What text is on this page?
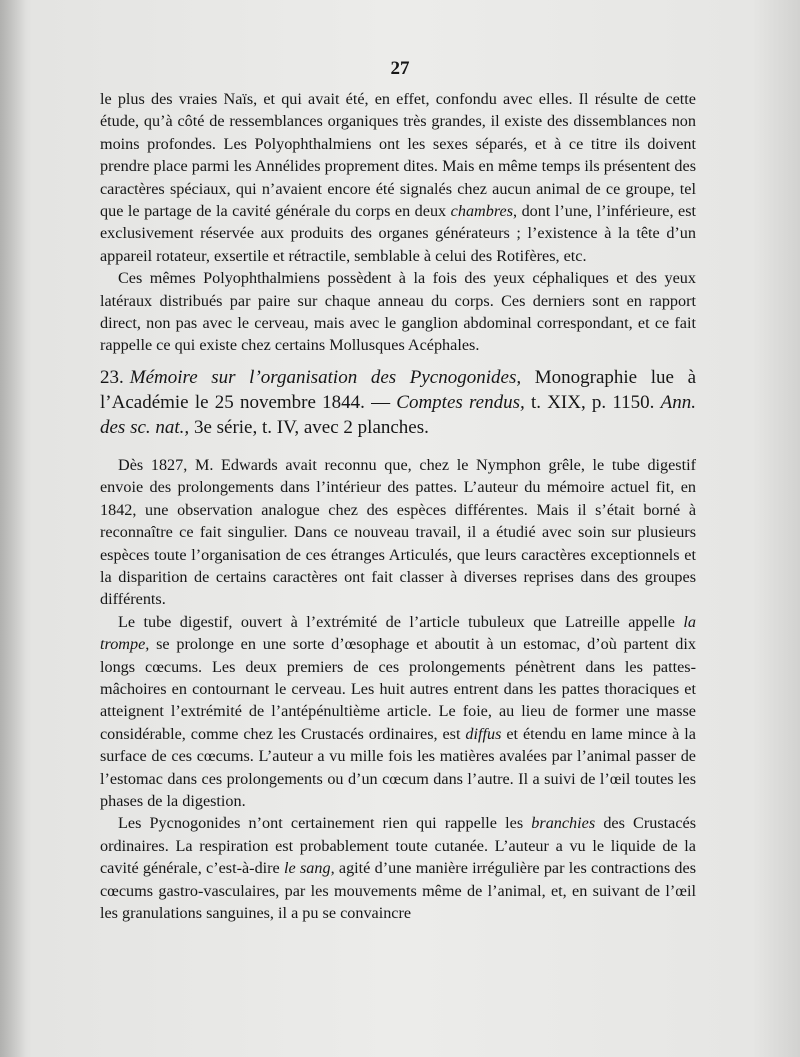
27

le plus des vraies Naïs, et qui avait été, en effet, confondu avec elles. Il résulte de cette étude, qu’à côté de ressemblances organiques très grandes, il existe des dissemblances non moins profondes. Les Polyophthalmiens ont les sexes séparés, et à ce titre ils doivent prendre place parmi les Annélides proprement dites. Mais en même temps ils présentent des caractères spéciaux, qui n’avaient encore été signalés chez aucun animal de ce groupe, tel que le partage de la cavité générale du corps en deux chambres, dont l’une, l’inférieure, est exclusivement réservée aux produits des organes générateurs ; l’existence à la tête d’un appareil rotateur, exsertile et rétractile, semblable à celui des Rotifères, etc.

Ces mêmes Polyophthalmiens possèdent à la fois des yeux céphaliques et des yeux latéraux distribués par paire sur chaque anneau du corps. Ces derniers sont en rapport direct, non pas avec le cerveau, mais avec le ganglion abdominal correspondant, et ce fait rappelle ce qui existe chez certains Mollusques Acéphales.

23. Mémoire sur l’organisation des Pycnogonides, Monographie lue à l’Académie le 25 novembre 1844. — Comptes rendus, t. XIX, p. 1150. Ann. des sc. nat., 3e série, t. IV, avec 2 planches.

Dès 1827, M. Edwards avait reconnu que, chez le Nymphon grêle, le tube digestif envoie des prolongements dans l’intérieur des pattes. L’auteur du mémoire actuel fit, en 1842, une observation analogue chez des espèces différentes. Mais il s’était borné à reconnaître ce fait singulier. Dans ce nouveau travail, il a étudié avec soin sur plusieurs espèces toute l’organisation de ces étranges Articulés, que leurs caractères exceptionnels et la disparition de certains caractères ont fait classer à diverses reprises dans des groupes différents.

Le tube digestif, ouvert à l’extrémité de l’article tubuleux que Latreille appelle la trompe, se prolonge en une sorte d’œsophage et aboutit à un estomac, d’où partent dix longs cœcums. Les deux premiers de ces prolongements pénètrent dans les pattes-mâchoires en contournant le cerveau. Les huit autres entrent dans les pattes thoraciques et atteignent l’extrémité de l’antépénultième article. Le foie, au lieu de former une masse considérable, comme chez les Crustacés ordinaires, est diffus et étendu en lame mince à la surface de ces cœcums. L’auteur a vu mille fois les matières avalées par l’animal passer de l’estomac dans ces prolongements ou d’un cœcum dans l’autre. Il a suivi de l’œil toutes les phases de la digestion.

Les Pycnogonides n’ont certainement rien qui rappelle les branchies des Crustacés ordinaires. La respiration est probablement toute cutanée. L’auteur a vu le liquide de la cavité générale, c’est-à-dire le sang, agité d’une manière irrégulière par les contractions des cœcums gastro-vasculaires, par les mouvements même de l’animal, et, en suivant de l’œil les granulations sanguines, il a pu se convaincre
